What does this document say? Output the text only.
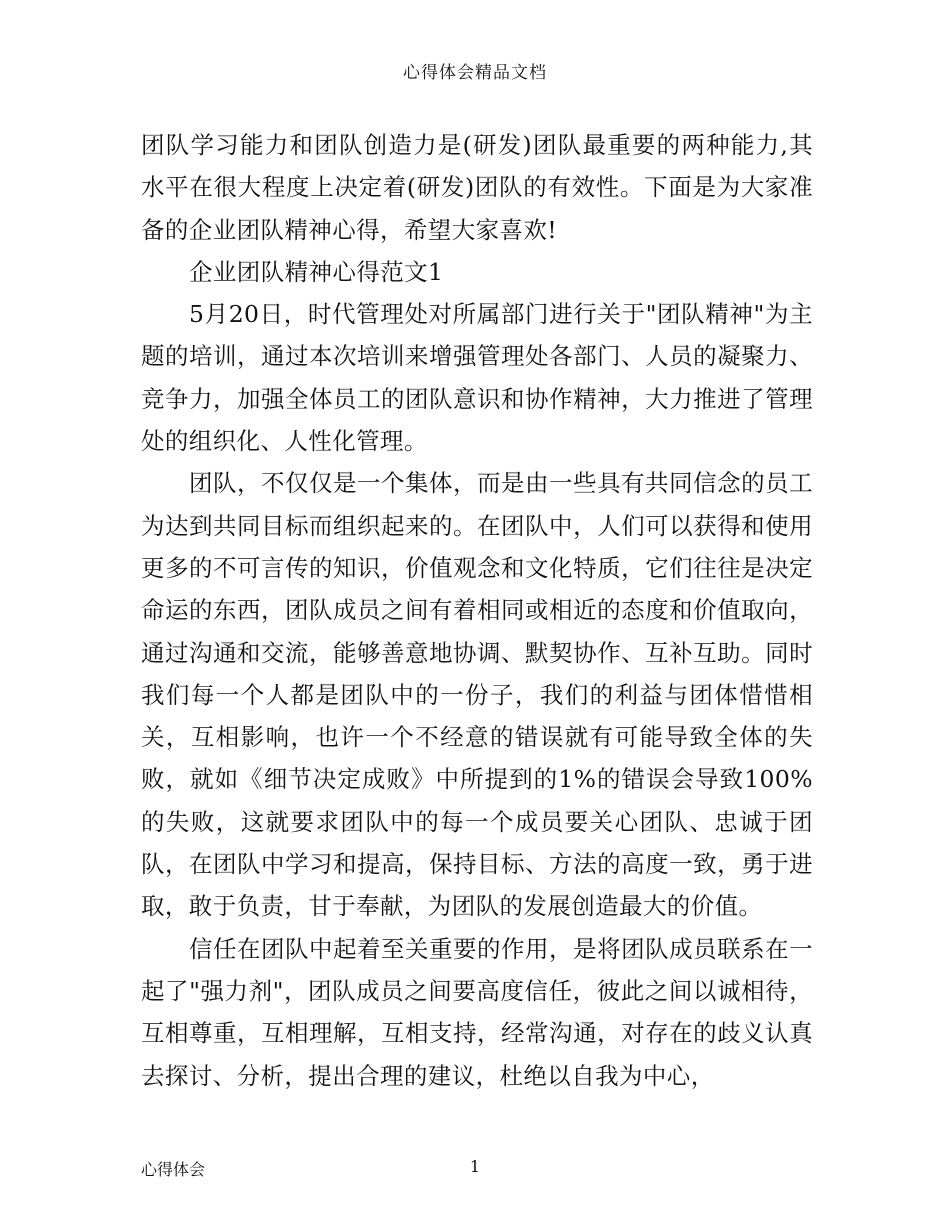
心得体会精品文档

团队学习能力和团队创造力是(研发)团队最重要的两种能力,其水平在很大程度上决定着(研发)团队的有效性。下面是为大家准备的企业团队精神心得，希望大家喜欢!

企业团队精神心得范文1

5月20日，时代管理处对所属部门进行关于"团队精神"为主题的培训，通过本次培训来增强管理处各部门、人员的凝聚力、竞争力，加强全体员工的团队意识和协作精神，大力推进了管理处的组织化、人性化管理。

团队，不仅仅是一个集体，而是由一些具有共同信念的员工为达到共同目标而组织起来的。在团队中，人们可以获得和使用更多的不可言传的知识，价值观念和文化特质，它们往往是决定命运的东西，团队成员之间有着相同或相近的态度和价值取向，通过沟通和交流，能够善意地协调、默契协作、互补互助。同时我们每一个人都是团队中的一份子，我们的利益与团体惜惜相关，互相影响，也许一个不经意的错误就有可能导致全体的失败，就如《细节决定成败》中所提到的1%的错误会导致100%的失败，这就要求团队中的每一个成员要关心团队、忠诚于团队，在团队中学习和提高，保持目标、方法的高度一致，勇于进取，敢于负责，甘于奉献，为团队的发展创造最大的价值。

信任在团队中起着至关重要的作用，是将团队成员联系在一起了"强力剂"，团队成员之间要高度信任，彼此之间以诚相待，互相尊重，互相理解，互相支持，经常沟通，对存在的歧义认真去探讨、分析，提出合理的建议，杜绝以自我为中心，

心得体会	1
